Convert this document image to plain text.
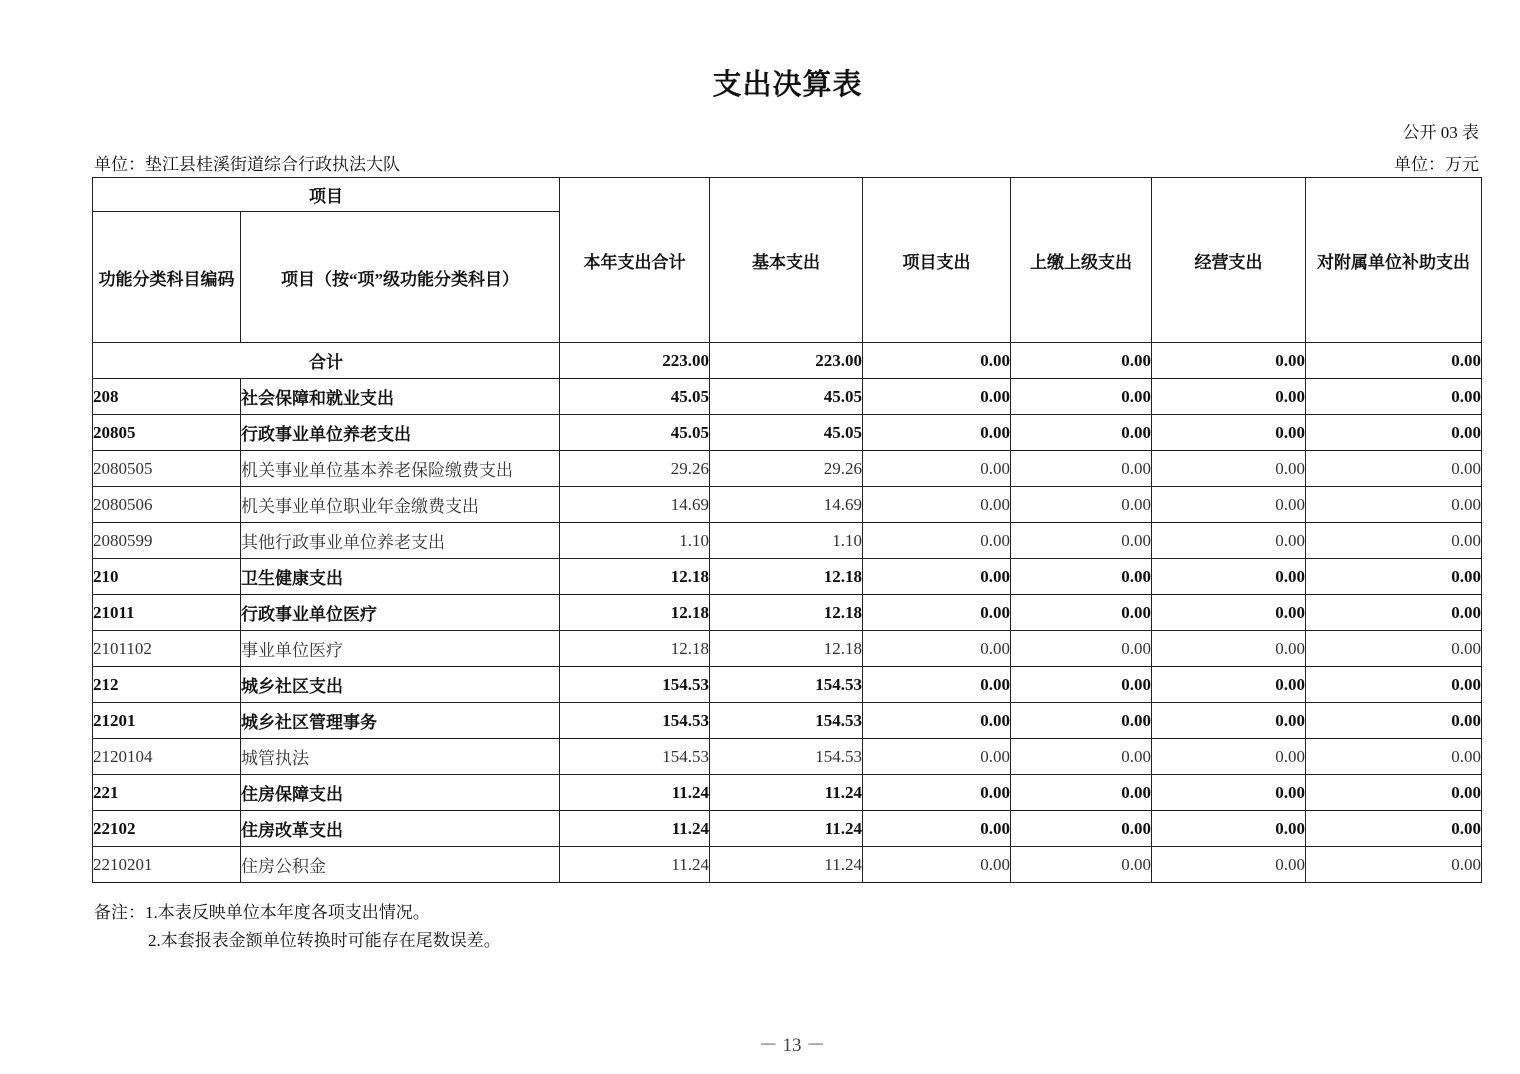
支出决算表
公开 03 表
单位：垫江县桂溪街道综合行政执法大队	单位：万元
项目		本年支出合计	基本支出	项目支出	上缴上级支出	经营支出	对附属单位补助支出
功能分类科目编码	项目（按“项”级功能分类科目）						
合计		223.00	223.00	0.00	0.00	0.00	0.00
208	社会保障和就业支出	45.05	45.05	0.00	0.00	0.00	0.00
20805	行政事业单位养老支出	45.05	45.05	0.00	0.00	0.00	0.00
2080505	机关事业单位基本养老保险缴费支出	29.26	29.26	0.00	0.00	0.00	0.00
2080506	机关事业单位职业年金缴费支出	14.69	14.69	0.00	0.00	0.00	0.00
2080599	其他行政事业单位养老支出	1.10	1.10	0.00	0.00	0.00	0.00
210	卫生健康支出	12.18	12.18	0.00	0.00	0.00	0.00
21011	行政事业单位医疗	12.18	12.18	0.00	0.00	0.00	0.00
2101102	事业单位医疗	12.18	12.18	0.00	0.00	0.00	0.00
212	城乡社区支出	154.53	154.53	0.00	0.00	0.00	0.00
21201	城乡社区管理事务	154.53	154.53	0.00	0.00	0.00	0.00
2120104	城管执法	154.53	154.53	0.00	0.00	0.00	0.00
221	住房保障支出	11.24	11.24	0.00	0.00	0.00	0.00
22102	住房改革支出	11.24	11.24	0.00	0.00	0.00	0.00
2210201	住房公积金	11.24	11.24	0.00	0.00	0.00	0.00
备注：1.本表反映单位本年度各项支出情况。
2.本套报表金额单位转换时可能存在尾数误差。
－ 13 －
